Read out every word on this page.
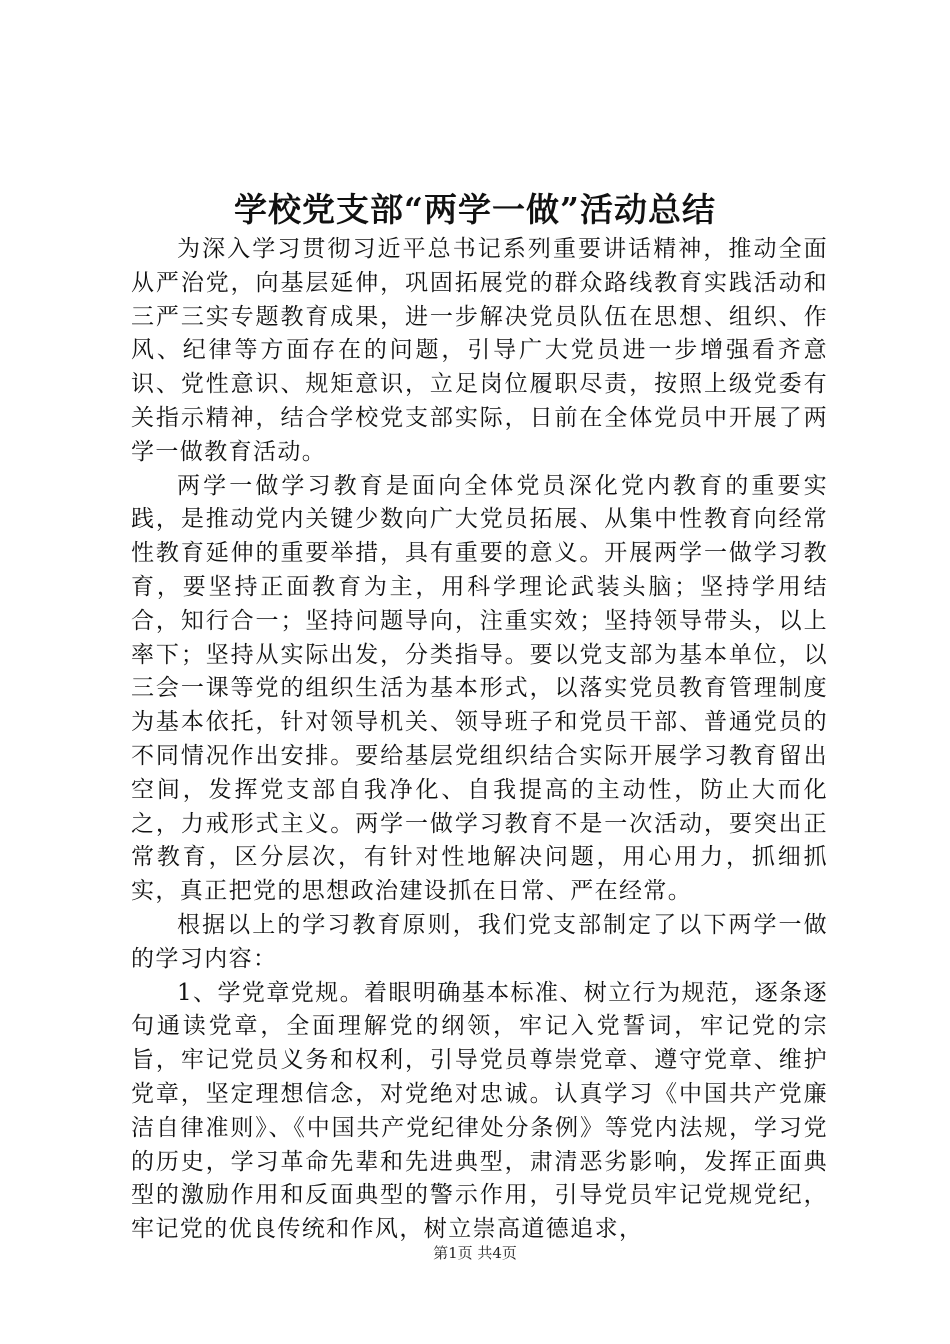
学校党支部“两学一做”活动总结

为深入学习贯彻习近平总书记系列重要讲话精神，推动全面从严治党，向基层延伸，巩固拓展党的群众路线教育实践活动和三严三实专题教育成果，进一步解决党员队伍在思想、组织、作风、纪律等方面存在的问题，引导广大党员进一步增强看齐意识、党性意识、规矩意识，立足岗位履职尽责，按照上级党委有关指示精神，结合学校党支部实际，日前在全体党员中开展了两学一做教育活动。

两学一做学习教育是面向全体党员深化党内教育的重要实践，是推动党内关键少数向广大党员拓展、从集中性教育向经常性教育延伸的重要举措，具有重要的意义。开展两学一做学习教育，要坚持正面教育为主，用科学理论武装头脑；坚持学用结合，知行合一；坚持问题导向，注重实效；坚持领导带头，以上率下；坚持从实际出发，分类指导。要以党支部为基本单位，以三会一课等党的组织生活为基本形式，以落实党员教育管理制度为基本依托，针对领导机关、领导班子和党员干部、普通党员的不同情况作出安排。要给基层党组织结合实际开展学习教育留出空间，发挥党支部自我净化、自我提高的主动性，防止大而化之，力戒形式主义。两学一做学习教育不是一次活动，要突出正常教育，区分层次，有针对性地解决问题，用心用力，抓细抓实，真正把党的思想政治建设抓在日常、严在经常。

根据以上的学习教育原则，我们党支部制定了以下两学一做的学习内容：

1、学党章党规。着眼明确基本标准、树立行为规范，逐条逐句通读党章，全面理解党的纲领，牢记入党誓词，牢记党的宗旨，牢记党员义务和权利，引导党员尊崇党章、遵守党章、维护党章，坚定理想信念，对党绝对忠诚。认真学习《中国共产党廉洁自律准则》、《中国共产党纪律处分条例》等党内法规，学习党的历史，学习革命先辈和先进典型，肃清恶劣影响，发挥正面典型的激励作用和反面典型的警示作用，引导党员牢记党规党纪，牢记党的优良传统和作风，树立崇高道德追求，

第1页 共4页
